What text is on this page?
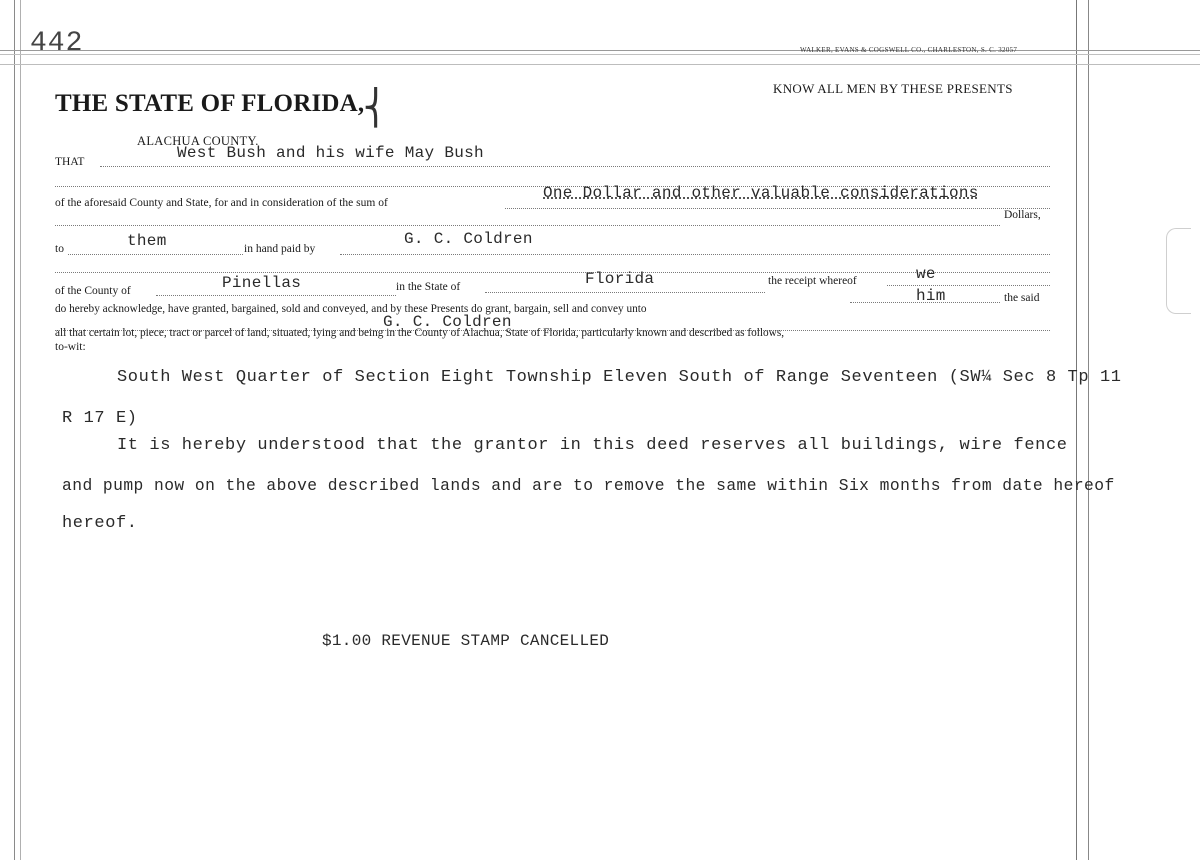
442	WALKER, EVANS & COGSWELL CO., CHARLESTON, S. C. 32057
THE STATE OF FLORIDA,
⎨
KNOW ALL MEN BY THESE PRESENTS
ALACHUA COUNTY.
THAT	West Bush and his wife May Bush
of the aforesaid County and State, for and in consideration of the sum of
One Dollar and other valuable considerations
Dollars,
to	them	in hand paid by
G. C. Coldren
of the County of	Pinellas	in the State of	Florida	the receipt whereof	we
do hereby acknowledge, have granted, bargained, sold and conveyed, and by these Presents do grant, bargain, sell and convey unto
him	the said
G. C. Coldren
all that certain lot, piece, tract or parcel of land, situated, lying and being in the County of Alachua, State of Florida, particularly known and described as follows,
to-wit:
South West Quarter of Section Eight Township Eleven South of Range Seventeen (SW¼ Sec 8 Tp 11
R 17 E)
It is hereby understood that the grantor in this deed reserves all buildings, wire fence
and pump now on the above described lands and are to remove the same within Six months from date hereof
hereof.
$1.00 REVENUE STAMP CANCELLED
